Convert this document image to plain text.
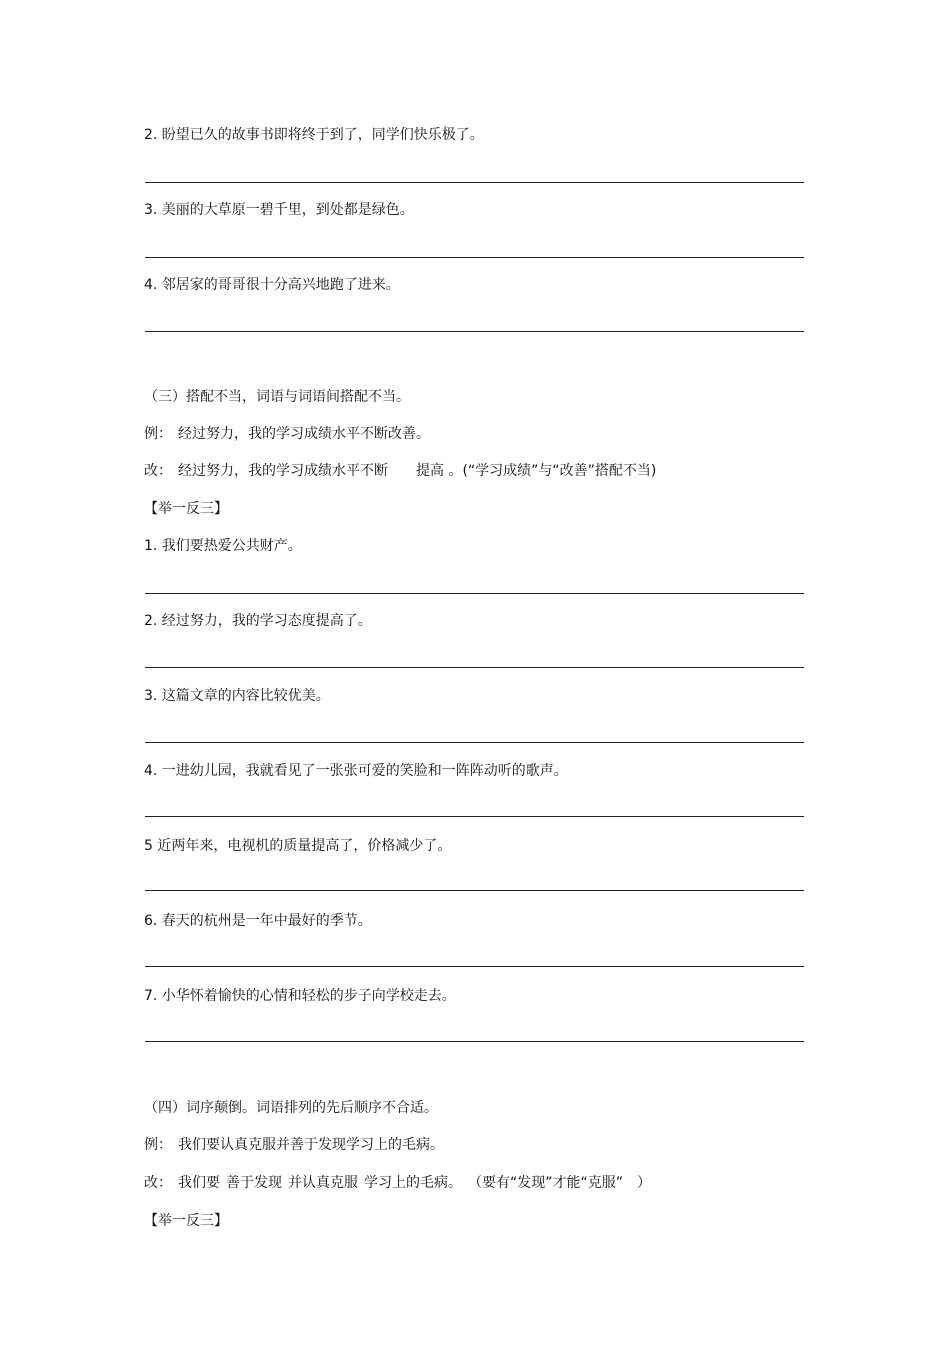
2. 盼望已久的故事书即将终于到了，同学们快乐极了。
3. 美丽的大草原一碧千里，到处都是绿色。
4. 邻居家的哥哥很十分高兴地跑了进来。
（三）搭配不当，词语与词语间搭配不当。
例： 经过努力，我的学习成绩水平不断改善。
改： 经过努力，我的学习成绩水平不断 提高 。(“学习成绩”与“改善”搭配不当)
【举一反三】
1. 我们要热爱公共财产。
2. 经过努力，我的学习态度提高了。
3. 这篇文章的内容比较优美。
4. 一进幼儿园，我就看见了一张张可爱的笑脸和一阵阵动听的歌声。
5 近两年来，电视机的质量提高了，价格减少了。
6. 春天的杭州是一年中最好的季节。
7. 小华怀着愉快的心情和轻松的步子向学校走去。
（四）词序颠倒。词语排列的先后顺序不合适。
例： 我们要认真克服并善于发现学习上的毛病。
改： 我们要 善于发现 并认真克服 学习上的毛病。 （要有“发现”才能“克服”　）
【举一反三】
